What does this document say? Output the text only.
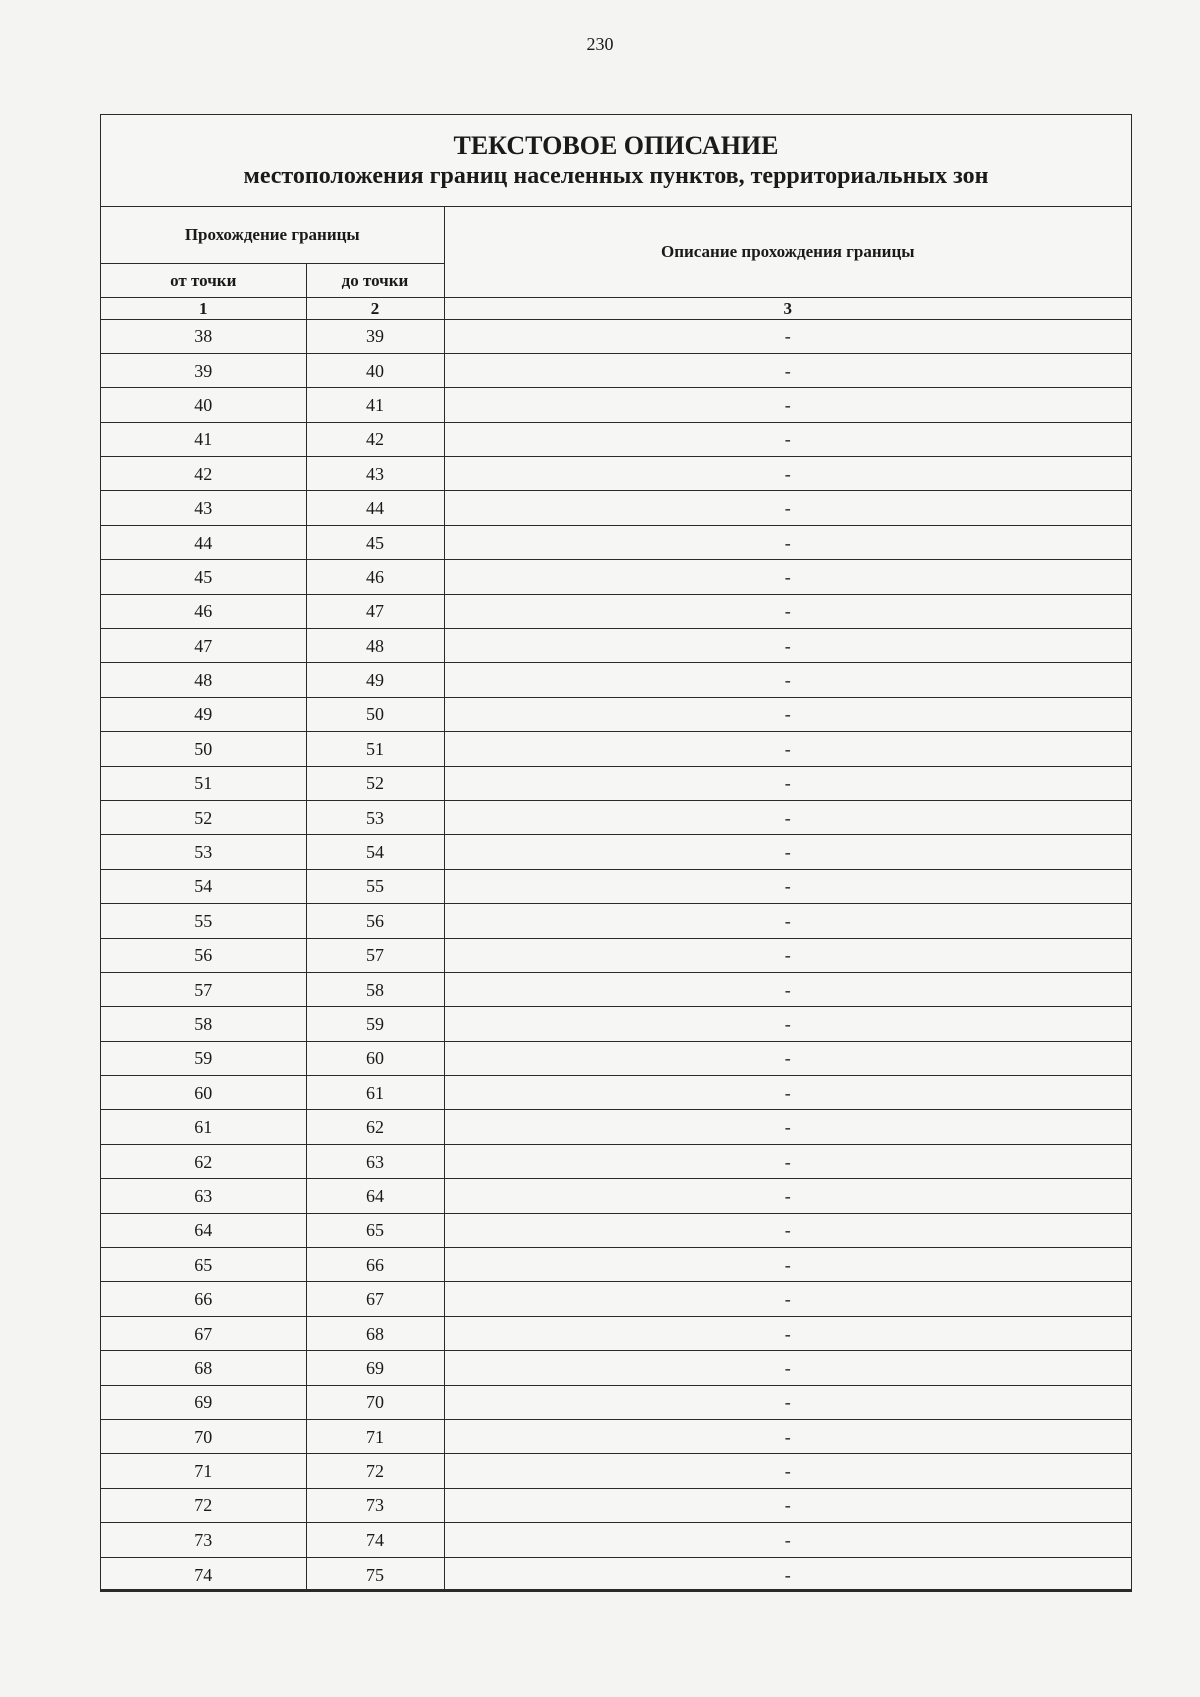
230
ТЕКСТОВОЕ ОПИСАНИЕ
местоположения границ населенных пунктов, территориальных зон
Прохождение границы		Описание прохождения границы
от точки	до точки	
1	2	3
38	39	-
39	40	-
40	41	-
41	42	-
42	43	-
43	44	-
44	45	-
45	46	-
46	47	-
47	48	-
48	49	-
49	50	-
50	51	-
51	52	-
52	53	-
53	54	-
54	55	-
55	56	-
56	57	-
57	58	-
58	59	-
59	60	-
60	61	-
61	62	-
62	63	-
63	64	-
64	65	-
65	66	-
66	67	-
67	68	-
68	69	-
69	70	-
70	71	-
71	72	-
72	73	-
73	74	-
74	75	-
